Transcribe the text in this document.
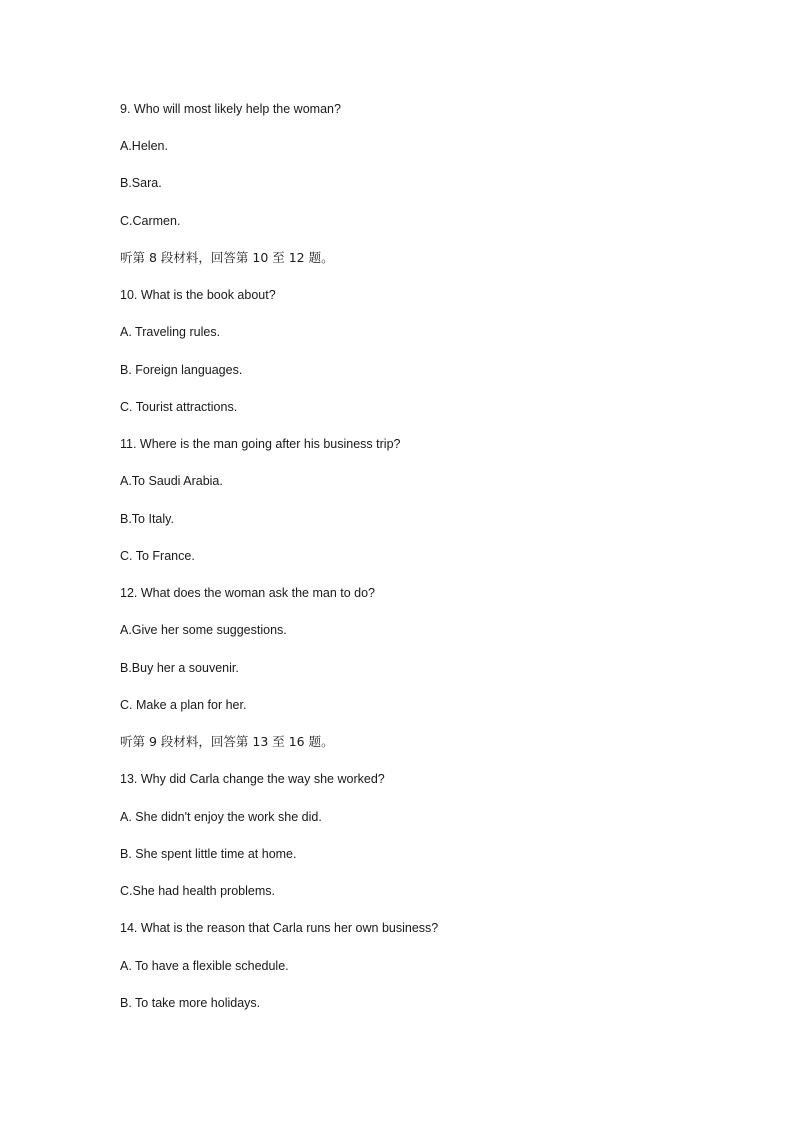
9. Who will most likely help the woman?
A.Helen.
B.Sara.
C.Carmen.
听第 8 段材料，回答第 10 至 12 题。
10. What is the book about?
A. Traveling rules.
B. Foreign languages.
C. Tourist attractions.
11. Where is the man going after his business trip?
A.To Saudi Arabia.
B.To Italy.
C. To France.
12. What does the woman ask the man to do?
A.Give her some suggestions.
B.Buy her a souvenir.
C. Make a plan for her.
听第 9 段材料，回答第 13 至 16 题。
13. Why did Carla change the way she worked?
A. She didn't enjoy the work she did.
B. She spent little time at home.
C.She had health problems.
14. What is the reason that Carla runs her own business?
A. To have a flexible schedule.
B. To take more holidays.
